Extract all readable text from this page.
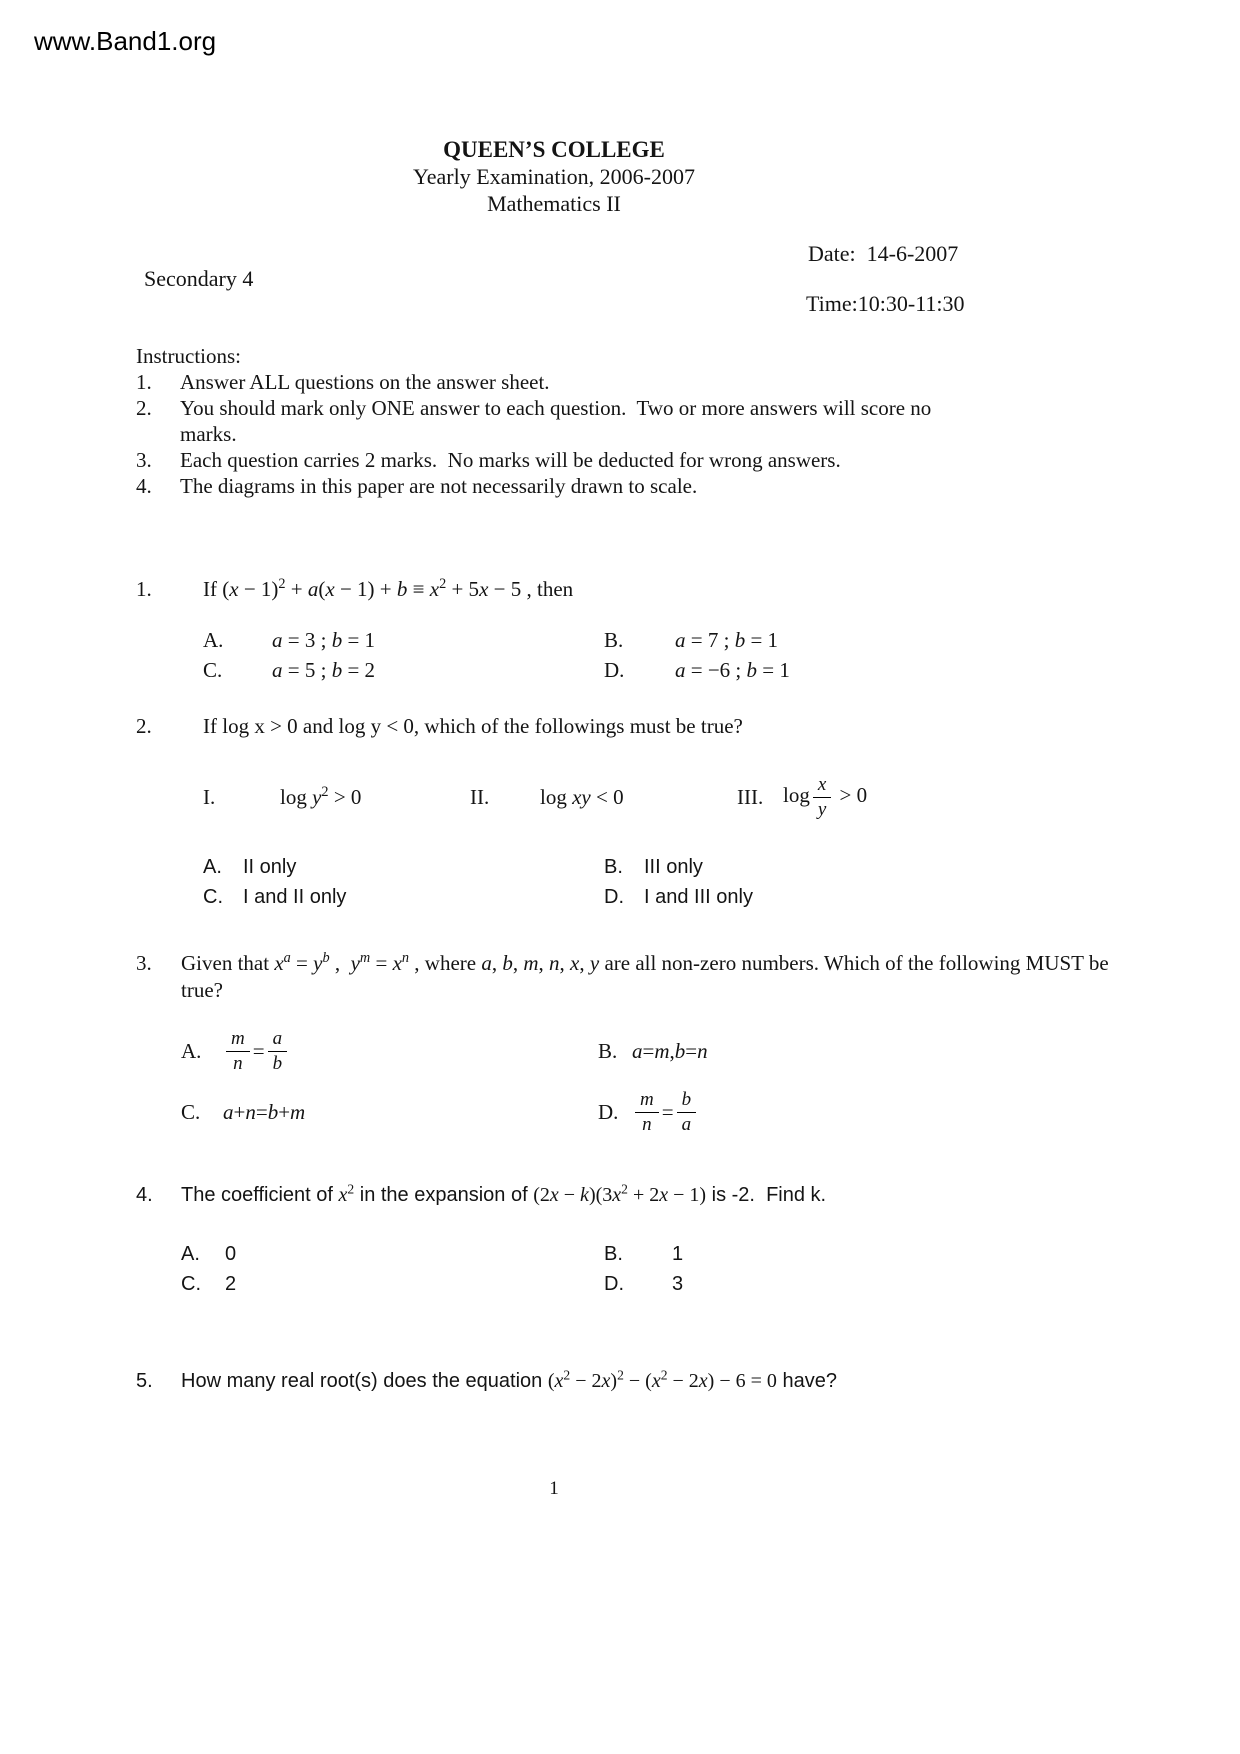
www.Band1.org
QUEEN’S COLLEGE
Yearly Examination, 2006-2007
Mathematics II
Date:  14-6-2007
Secondary 4
Time:10:30-11:30
Instructions:
1.	Answer ALL questions on the answer sheet.
2.	You should mark only ONE answer to each question.  Two or more answers will score no marks.
3.	Each question carries 2 marks.  No marks will be deducted for wrong answers.
4.	The diagrams in this paper are not necessarily drawn to scale.
1.	If $(x - 1)^2 + a(x - 1) + b \equiv x^2 + 5x - 5$ , then
A.	a = 3 ; b = 1	B.	a = 7 ; b = 1
C.	a = 5 ; b = 2	D.	a = −6 ; b = 1
2.	If log x > 0 and log y < 0, which of the followings must be true?
I.	$\log y^2 > 0$	II.	log xy < 0	III. $\log \frac{x}{y} > 0$
A.	II only	B.	III only
C.	I and II only	D.	I and III only
3.	Given that $x^a = y^b$ ,  $y^m = x^n$ , where a, b, m, n, x, y are all non-zero numbers. Which of the following MUST be true?
A.	$\frac{m}{n} = \frac{a}{b}$	B. a = m , b = n
C.	a + n = b + m	D. $\frac{m}{n} = \frac{b}{a}$
4.	The coefficient of $x^2$ in the expansion of $(2x - k)(3x^2 + 2x - 1)$ is -2.  Find k.
A.	0	B.	1
C.	2	D.	3
5.	How many real root(s) does the equation $(x^2 - 2x)^2 - (x^2 - 2x) - 6 = 0$ have?
1
